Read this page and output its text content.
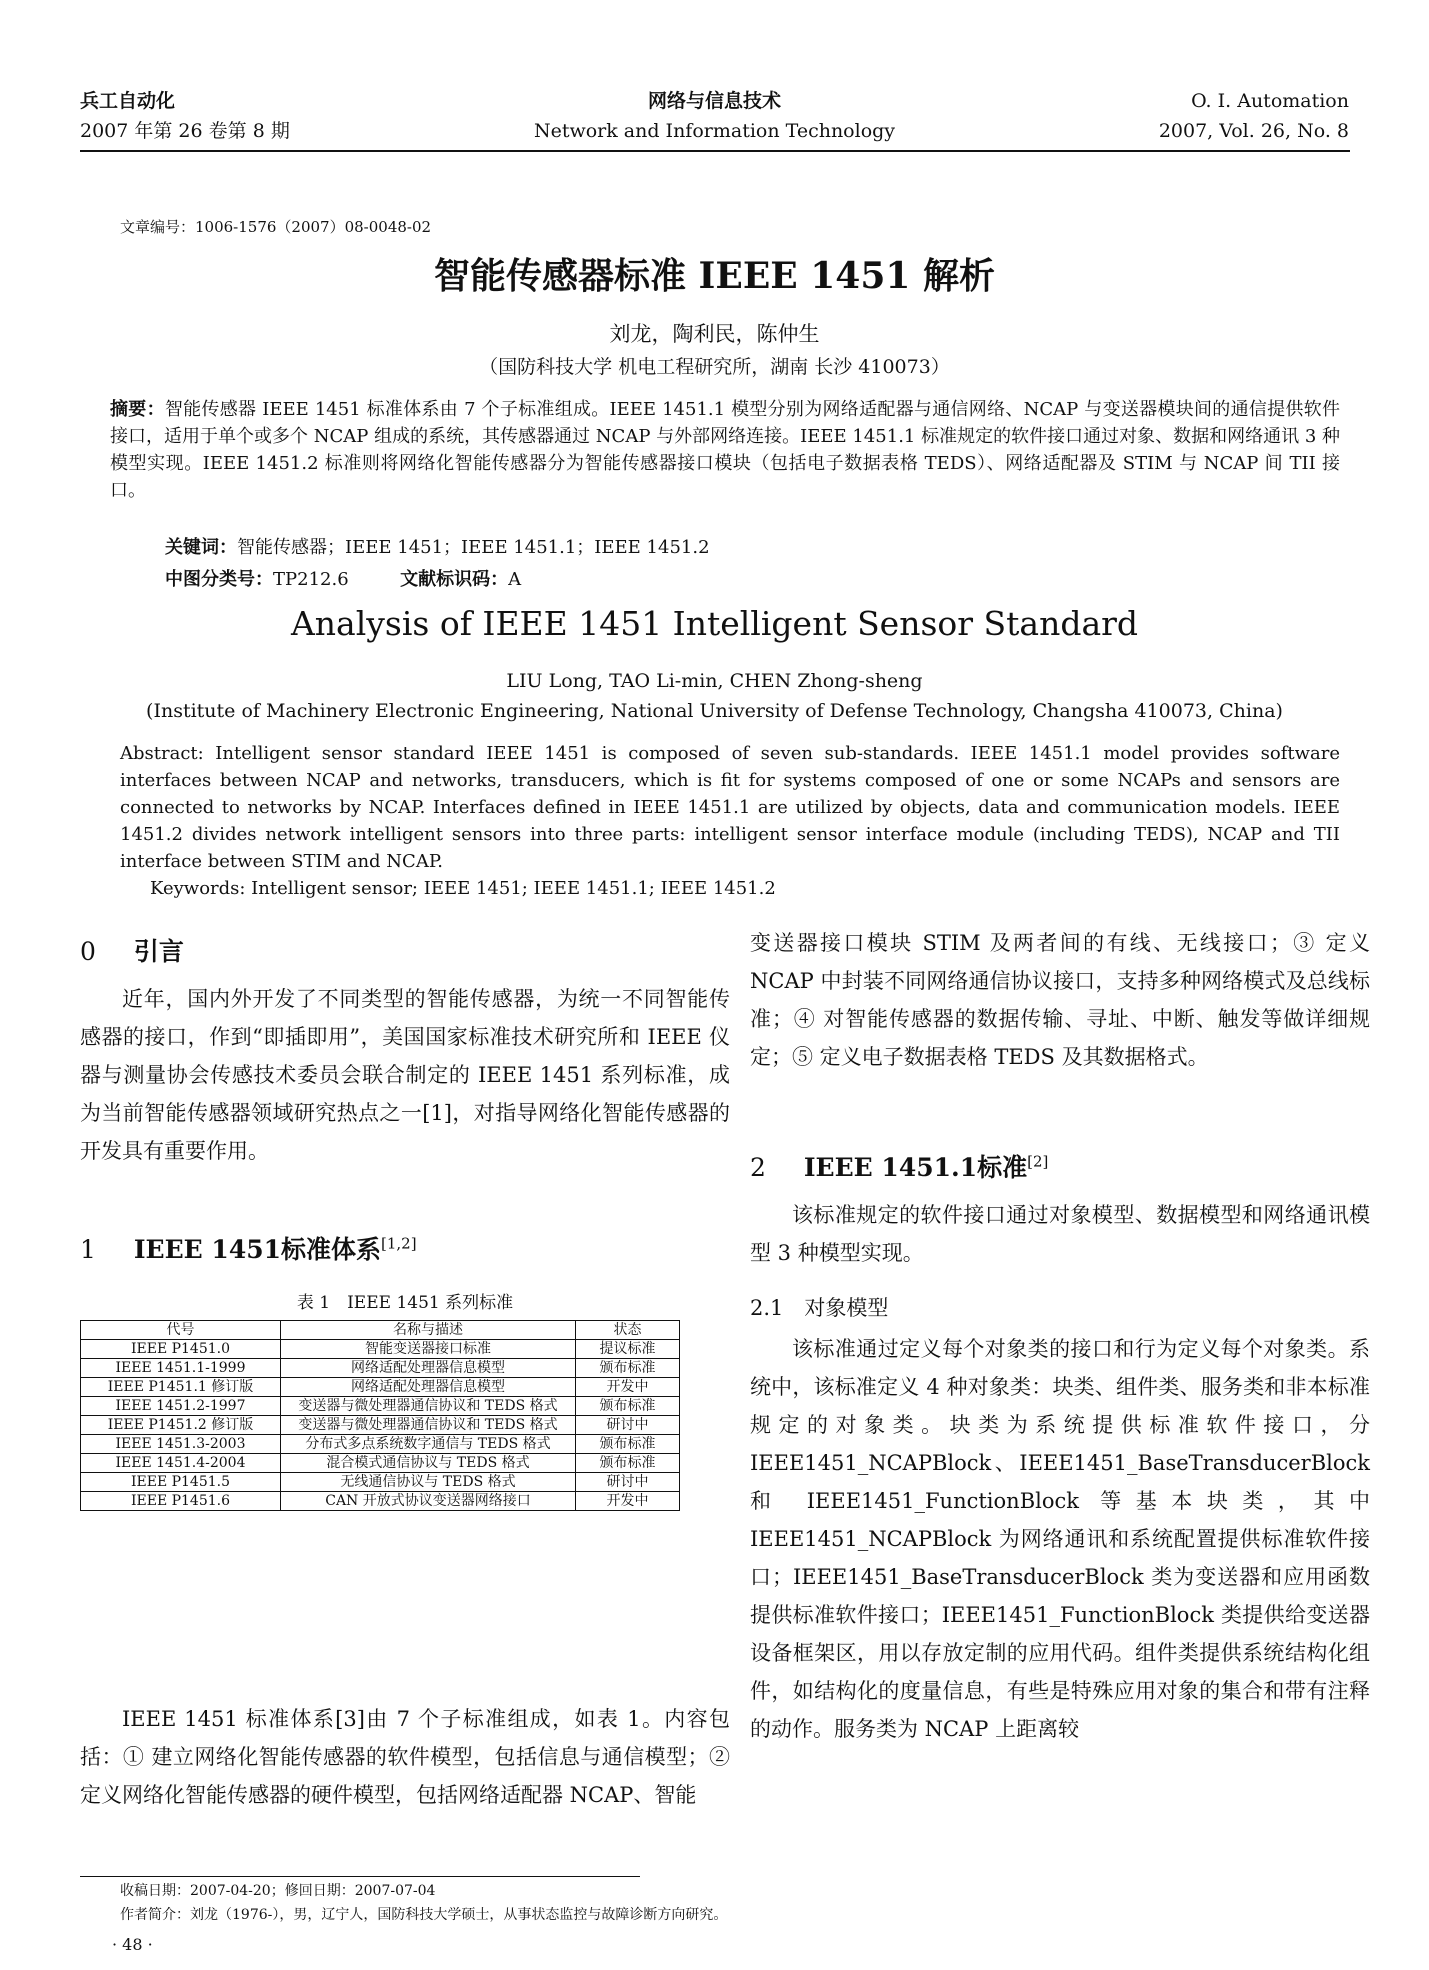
兵工自动化
2007 年第 26 卷第 8 期
网络与信息技术
Network and Information Technology
O. I. Automation
2007, Vol. 26, No. 8
文章编号：1006-1576（2007）08-0048-02
智能传感器标准 IEEE 1451 解析
刘龙，陶利民，陈仲生
（国防科技大学 机电工程研究所，湖南 长沙 410073）
摘要：智能传感器 IEEE 1451 标准体系由 7 个子标准组成。IEEE 1451.1 模型分别为网络适配器与通信网络、NCAP 与变送器模块间的通信提供软件接口，适用于单个或多个 NCAP 组成的系统，其传感器通过 NCAP 与外部网络连接。IEEE 1451.1 标准规定的软件接口通过对象、数据和网络通讯 3 种模型实现。IEEE 1451.2 标准则将网络化智能传感器分为智能传感器接口模块（包括电子数据表格 TEDS）、网络适配器及 STIM 与 NCAP 间 TII 接口。
关键词：智能传感器；IEEE 1451；IEEE 1451.1；IEEE 1451.2
中图分类号：TP212.6	文献标识码：A
Analysis of IEEE 1451 Intelligent Sensor Standard
LIU Long, TAO Li-min, CHEN Zhong-sheng
(Institute of Machinery Electronic Engineering, National University of Defense Technology, Changsha 410073, China)
Abstract: Intelligent sensor standard IEEE 1451 is composed of seven sub-standards. IEEE 1451.1 model provides software interfaces between NCAP and networks, transducers, which is fit for systems composed of one or some NCAPs and sensors are connected to networks by NCAP. Interfaces defined in IEEE 1451.1 are utilized by objects, data and communication models. IEEE 1451.2 divides network intelligent sensors into three parts: intelligent sensor interface module (including TEDS), NCAP and TII interface between STIM and NCAP.
Keywords: Intelligent sensor; IEEE 1451; IEEE 1451.1; IEEE 1451.2
0 引言

近年，国内外开发了不同类型的智能传感器，为统一不同智能传感器的接口，作到“即插即用”，美国国家标准技术研究所和 IEEE 仪器与测量协会传感技术委员会联合制定的 IEEE 1451 系列标准，成为当前智能传感器领域研究热点之一[1]，对指导网络化智能传感器的开发具有重要作用。

1 IEEE 1451标准体系[1,2]
表 1　IEEE 1451 系列标准
代号	名称与描述	状态
IEEE P1451.0	智能变送器接口标准	提议标准
IEEE 1451.1-1999	网络适配处理器信息模型	颁布标准
IEEE P1451.1 修订版	网络适配处理器信息模型	开发中
IEEE 1451.2-1997	变送器与微处理器通信协议和 TEDS 格式	颁布标准
IEEE P1451.2 修订版	变送器与微处理器通信协议和 TEDS 格式	研讨中
IEEE 1451.3-2003	分布式多点系统数字通信与 TEDS 格式	颁布标准
IEEE 1451.4-2004	混合模式通信协议与 TEDS 格式	颁布标准
IEEE P1451.5	无线通信协议与 TEDS 格式	研讨中
IEEE P1451.6	CAN 开放式协议变送器网络接口	开发中

IEEE 1451 标准体系[3]由 7 个子标准组成，如表 1。内容包括：① 建立网络化智能传感器的软件模型，包括信息与通信模型；② 定义网络化智能传感器的硬件模型，包括网络适配器 NCAP、智能

变送器接口模块 STIM 及两者间的有线、无线接口；③ 定义 NCAP 中封装不同网络通信协议接口，支持多种网络模式及总线标准；④ 对智能传感器的数据传输、寻址、中断、触发等做详细规定；⑤ 定义电子数据表格 TEDS 及其数据格式。

2 IEEE 1451.1标准[2]

该标准规定的软件接口通过对象模型、数据模型和网络通讯模型 3 种模型实现。

2.1　对象模型

该标准通过定义每个对象类的接口和行为定义每个对象类。系统中，该标准定义 4 种对象类：块类、组件类、服务类和非本标准规定的对象类。块类为系统提供标准软件接口，分 IEEE1451_NCAPBlock、IEEE1451_BaseTransducerBlock 和 IEEE1451_FunctionBlock 等基本块类，其中 IEEE1451_NCAPBlock 为网络通讯和系统配置提供标准软件接口；IEEE1451_BaseTransducerBlock 类为变送器和应用函数提供标准软件接口；IEEE1451_FunctionBlock 类提供给变送器设备框架区，用以存放定制的应用代码。组件类提供系统结构化组件，如结构化的度量信息，有些是特殊应用对象的集合和带有注释的动作。服务类为 NCAP 上距离较

收稿日期：2007-04-20；修回日期：2007-07-04
作者简介：刘龙（1976-），男，辽宁人，国防科技大学硕士，从事状态监控与故障诊断方向研究。
· 48 ·
